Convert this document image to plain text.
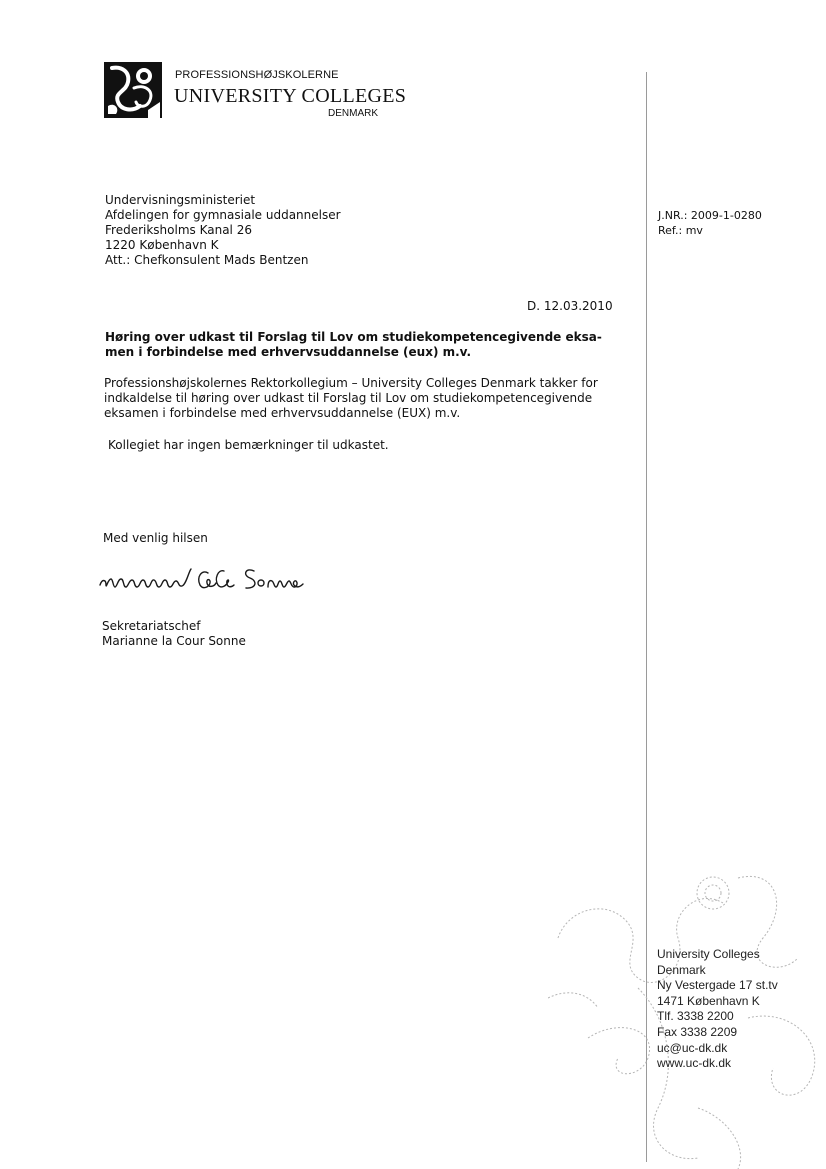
PROFESSIONSHØJSKOLERNE
UNIVERSITY COLLEGES
DENMARK
Undervisningsministeriet
Afdelingen for gymnasiale uddannelser
Frederiksholms Kanal 26
1220 København K
Att.: Chefkonsulent Mads Bentzen
D. 12.03.2010
Høring over udkast til Forslag til Lov om studiekompetencegivende eksa-
men i forbindelse med erhvervsuddannelse (eux) m.v.
Professionshøjskolernes Rektorkollegium – University Colleges Denmark takker for
indkaldelse til høring over udkast til Forslag til Lov om studiekompetencegivende
eksamen i forbindelse med erhvervsuddannelse (EUX) m.v.
Kollegiet har ingen bemærkninger til udkastet.
Med venlig hilsen
Sekretariatschef
Marianne la Cour Sonne
J.NR.: 2009-1-0280
Ref.: mv
University Colleges
Denmark
Ny Vestergade 17 st.tv
1471 København K
Tlf. 3338 2200
Fax 3338 2209
uc@uc-dk.dk
www.uc-dk.dk
